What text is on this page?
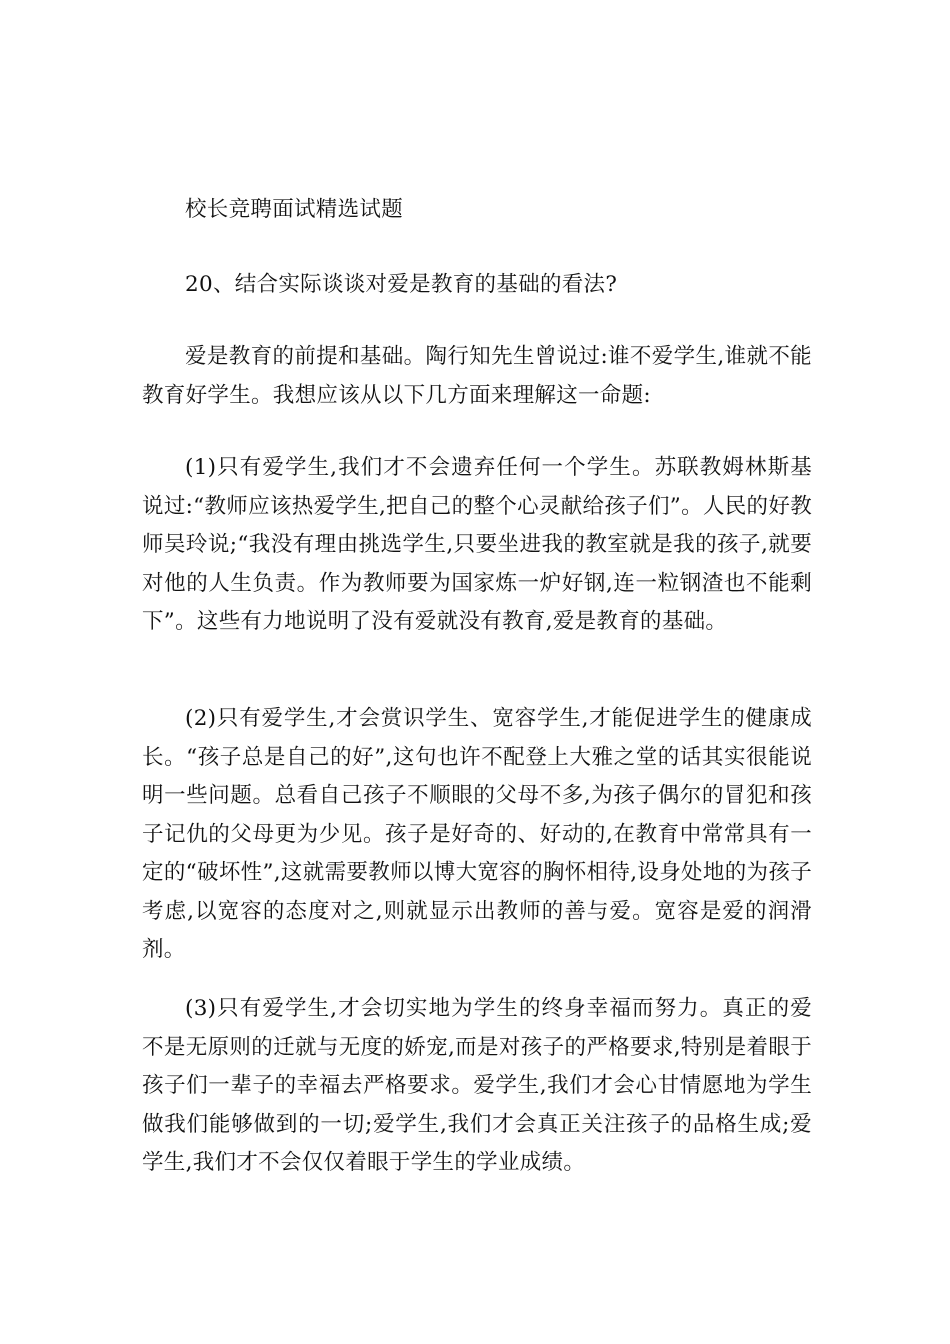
校长竞聘面试精选试题

20、结合实际谈谈对爱是教育的基础的看法?

爱是教育的前提和基础。陶行知先生曾说过:谁不爱学生,谁就不能教育好学生。我想应该从以下几方面来理解这一命题:

(1)只有爱学生,我们才不会遗弃任何一个学生。苏联教姆林斯基说过:“教师应该热爱学生,把自己的整个心灵献给孩子们”。人民的好教师吴玲说;“我没有理由挑选学生,只要坐进我的教室就是我的孩子,就要对他的人生负责。作为教师要为国家炼一炉好钢,连一粒钢渣也不能剩下”。这些有力地说明了没有爱就没有教育,爱是教育的基础。

(2)只有爱学生,才会赏识学生、宽容学生,才能促进学生的健康成长。“孩子总是自己的好”,这句也许不配登上大雅之堂的话其实很能说明一些问题。总看自己孩子不顺眼的父母不多,为孩子偶尔的冒犯和孩子记仇的父母更为少见。孩子是好奇的、好动的,在教育中常常具有一定的“破坏性”,这就需要教师以博大宽容的胸怀相待,设身处地的为孩子考虑,以宽容的态度对之,则就显示出教师的善与爱。宽容是爱的润滑剂。

(3)只有爱学生,才会切实地为学生的终身幸福而努力。真正的爱不是无原则的迁就与无度的娇宠,而是对孩子的严格要求,特别是着眼于孩子们一辈子的幸福去严格要求。爱学生,我们才会心甘情愿地为学生做我们能够做到的一切;爱学生,我们才会真正关注孩子的品格生成;爱学生,我们才不会仅仅着眼于学生的学业成绩。
